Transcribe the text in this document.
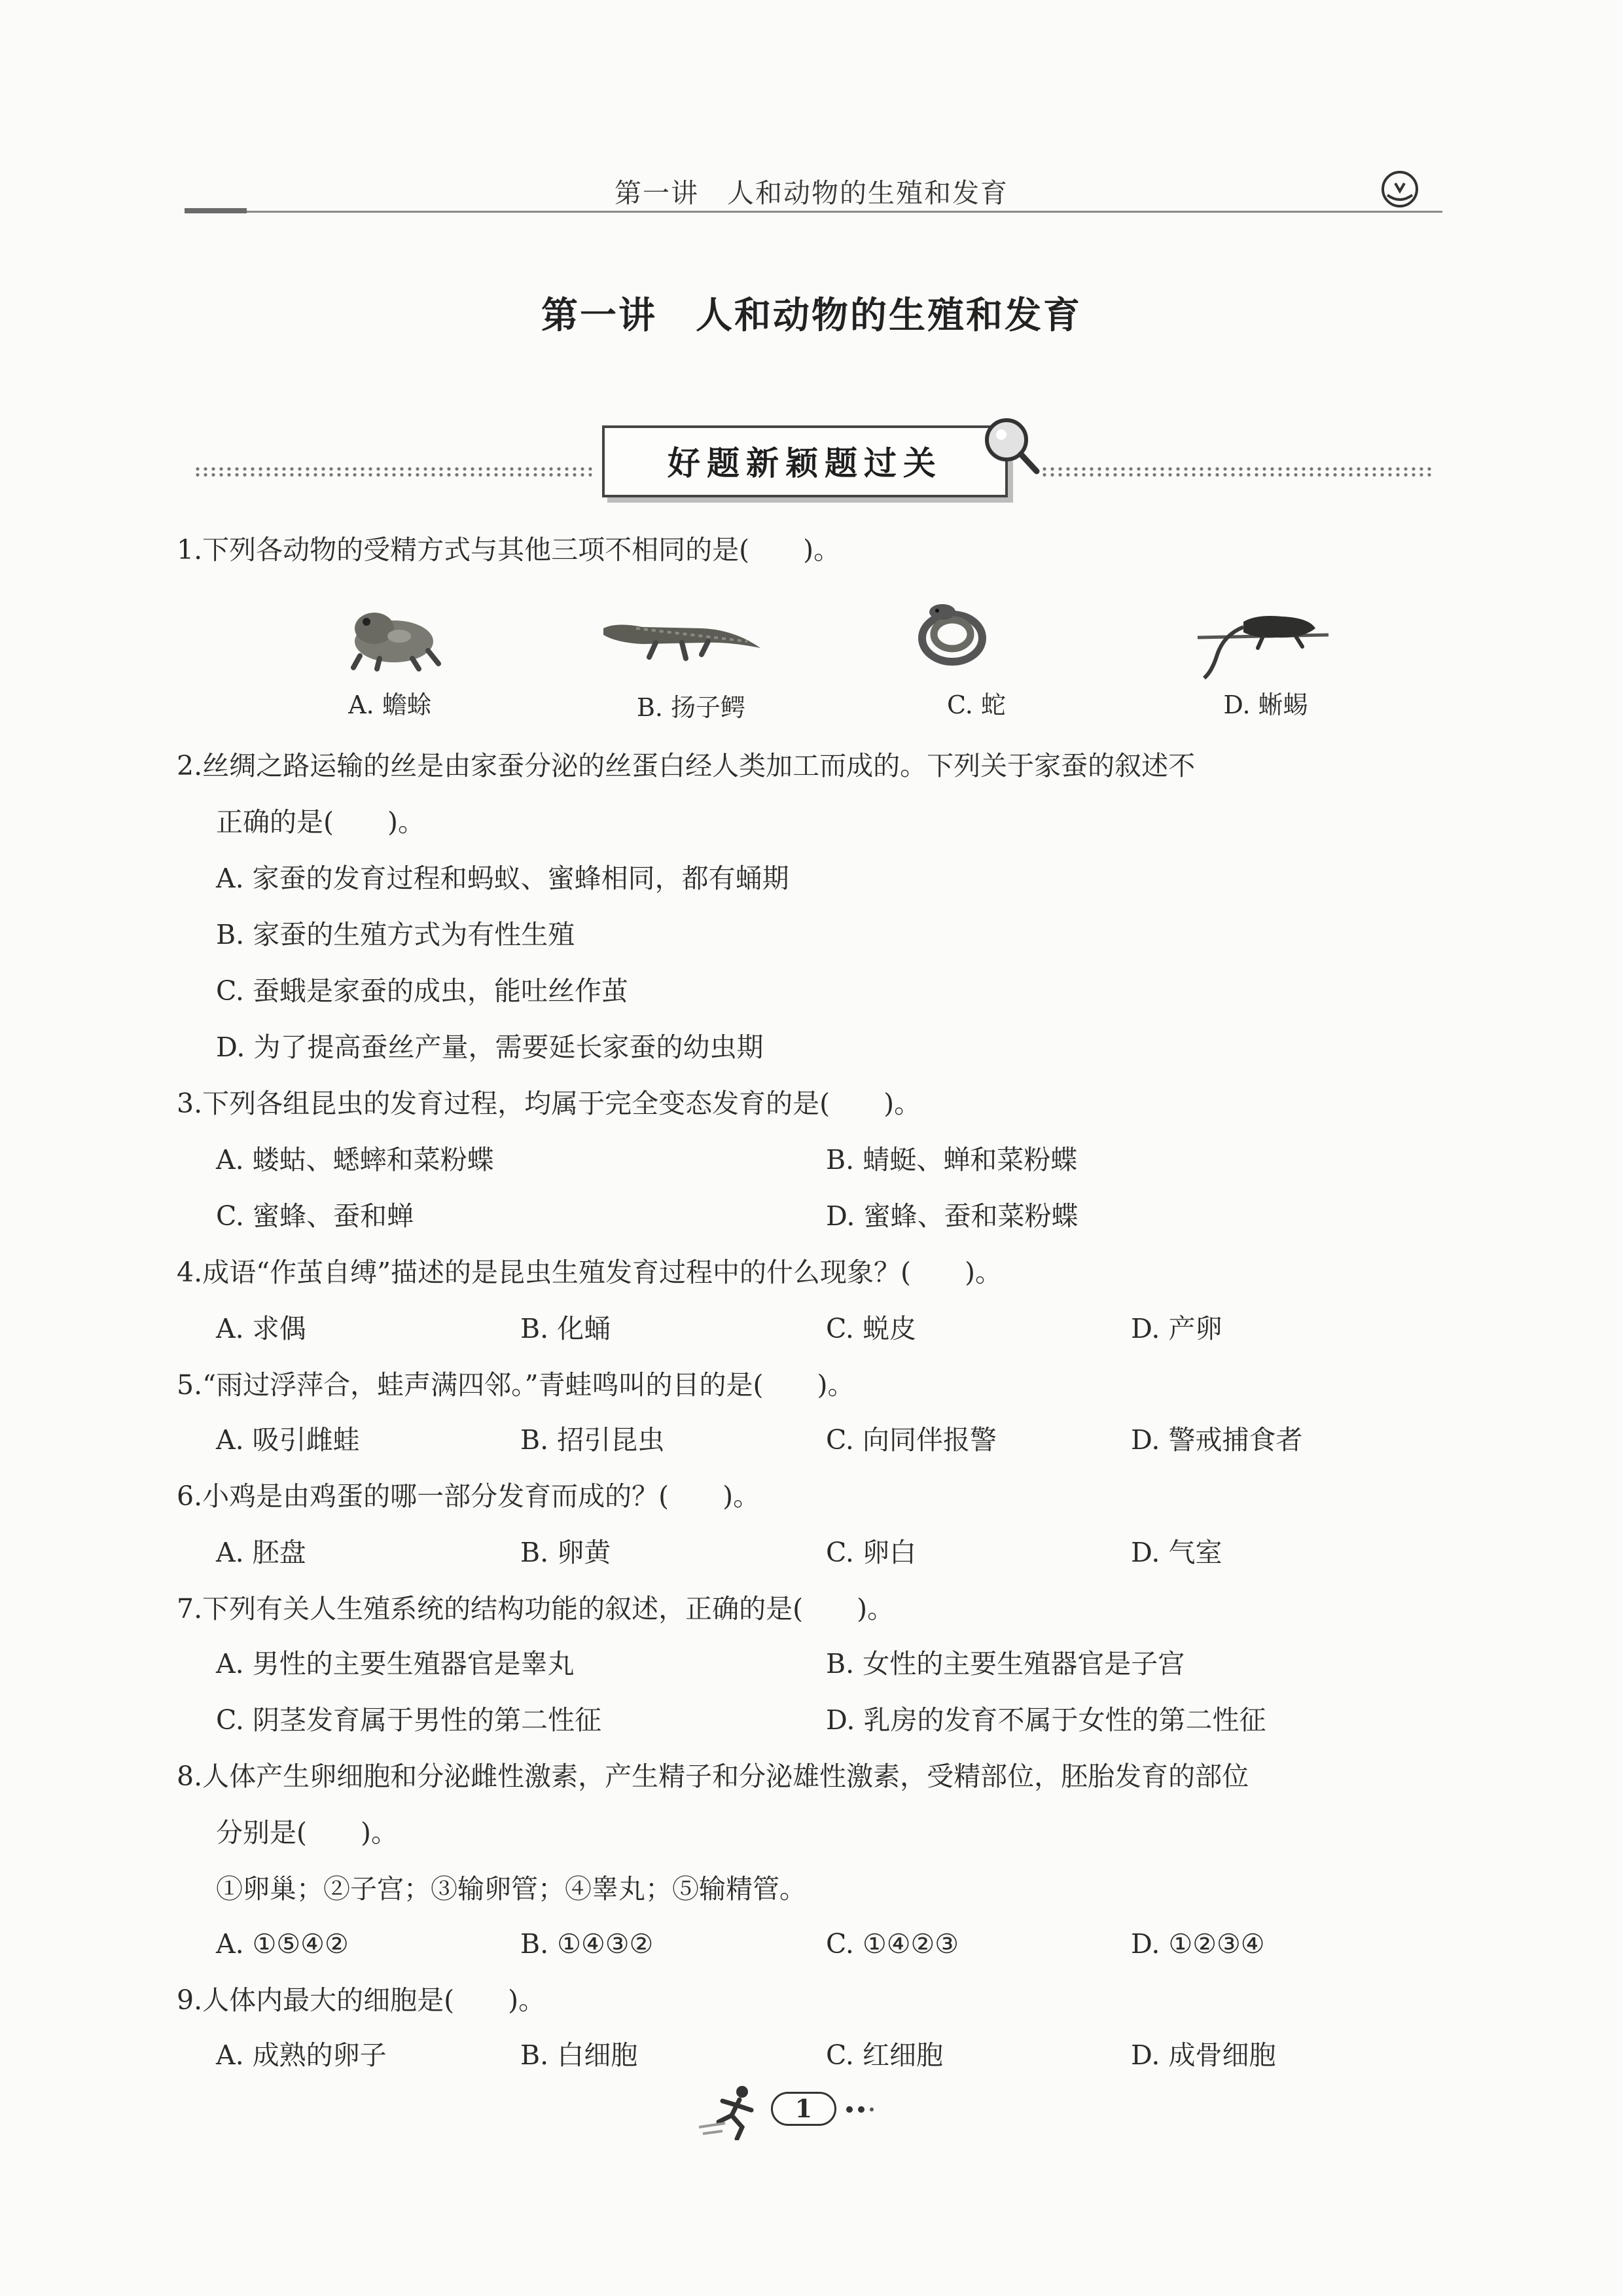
第一讲　人和动物的生殖和发育
第一讲　人和动物的生殖和发育
好题新颖题过关
1.下列各动物的受精方式与其他三项不相同的是(　　)。
A. 蟾蜍	B. 扬子鳄	C. 蛇	D. 蜥蜴
2.丝绸之路运输的丝是由家蚕分泌的丝蛋白经人类加工而成的。下列关于家蚕的叙述不
正确的是(　　)。
A. 家蚕的发育过程和蚂蚁、蜜蜂相同，都有蛹期
B. 家蚕的生殖方式为有性生殖
C. 蚕蛾是家蚕的成虫，能吐丝作茧
D. 为了提高蚕丝产量，需要延长家蚕的幼虫期
3.下列各组昆虫的发育过程，均属于完全变态发育的是(　　)。
A. 蝼蛄、蟋蟀和菜粉蝶	B. 蜻蜓、蝉和菜粉蝶
C. 蜜蜂、蚕和蝉	D. 蜜蜂、蚕和菜粉蝶
4.成语“作茧自缚”描述的是昆虫生殖发育过程中的什么现象？(　　)。
A. 求偶	B. 化蛹	C. 蜕皮	D. 产卵
5.“雨过浮萍合，蛙声满四邻。”青蛙鸣叫的目的是(　　)。
A. 吸引雌蛙	B. 招引昆虫	C. 向同伴报警	D. 警戒捕食者
6.小鸡是由鸡蛋的哪一部分发育而成的？(　　)。
A. 胚盘	B. 卵黄	C. 卵白	D. 气室
7.下列有关人生殖系统的结构功能的叙述，正确的是(　　)。
A. 男性的主要生殖器官是睾丸	B. 女性的主要生殖器官是子宫
C. 阴茎发育属于男性的第二性征	D. 乳房的发育不属于女性的第二性征
8.人体产生卵细胞和分泌雌性激素，产生精子和分泌雄性激素，受精部位，胚胎发育的部位
分别是(　　)。
①卵巢；②子宫；③输卵管；④睾丸；⑤输精管。
A. ①⑤④②	B. ①④③②	C. ①④②③	D. ①②③④
9.人体内最大的细胞是(　　)。
A. 成熟的卵子	B. 白细胞	C. 红细胞	D. 成骨细胞
1
